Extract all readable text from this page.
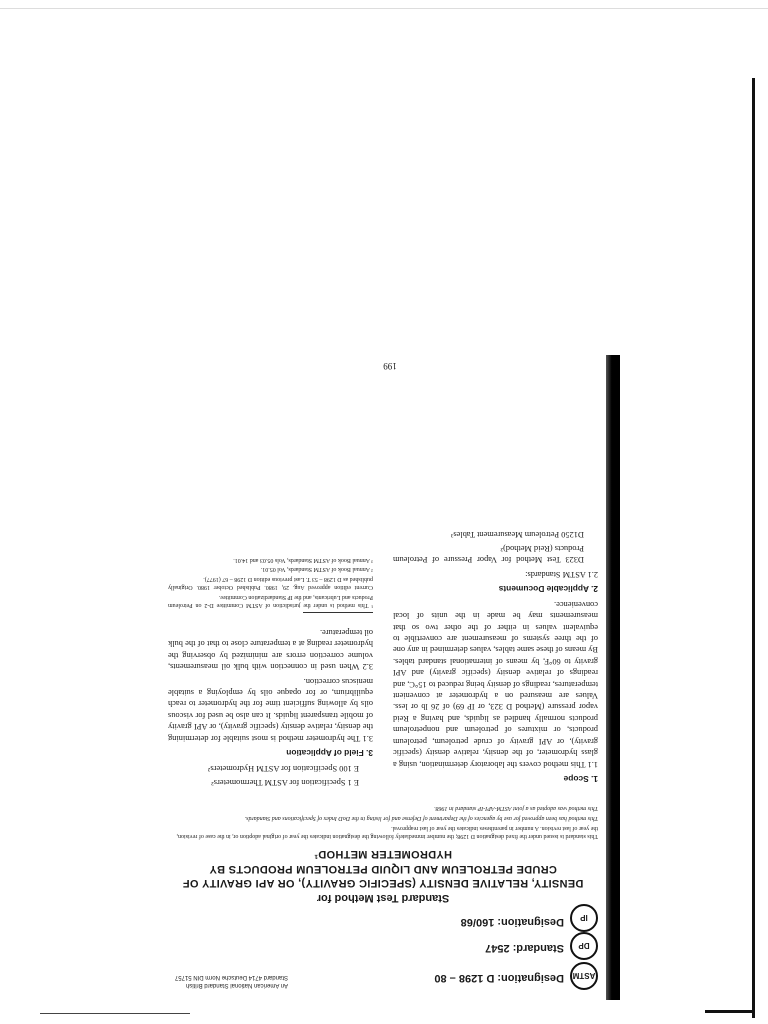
ASTM
Designation: D 1298 – 80
DP
Standard: 2547
IP
Designation: 160/68
An American National Standard British Standard 4714 Deutsche Norm DIN 51757
Standard Test Method for
DENSITY, RELATIVE DENSITY (SPECIFIC GRAVITY), OR API GRAVITY OF CRUDE PETROLEUM AND LIQUID PETROLEUM PRODUCTS BY HYDROMETER METHOD¹

This standard is issued under the fixed designation D 1298; the number immediately following the designation indicates the year of original adoption or, in the case of revision, the year of last revision. A number in parentheses indicates the year of last reapproval.

This method has been approved for use by agencies of the Department of Defense and for listing in the DoD Index of Specifications and Standards.

This method was adopted as a joint ASTM-API-IP standard in 1968.

1. Scope

1.1 This method covers the laboratory determination, using a glass hydrometer, of the density, relative density (specific gravity), or API gravity of crude petroleum, petroleum products, or mixtures of petroleum and nonpetroleum products normally handled as liquids, and having a Reid vapor pressure (Method D 323, or IP 69) of 26 lb or less. Values are measured on a hydrometer at convenient temperatures, readings of density being reduced to 15°C, and readings of relative density (specific gravity) and API gravity to 60°F, by means of international standard tables. By means of these same tables, values determined in any one of the three systems of measurement are convertible to equivalent values in either of the other two so that measurements may be made in the units of local convenience.

2. Applicable Documents

2.1 ASTM Standards:

D323 Test Method for Vapor Pressure of Petroleum Products (Reid Method)²

D1250 Petroleum Measurement Tables³

E 1 Specification for ASTM Thermometers²

E 100 Specification for ASTM Hydrometers²

3. Field of Application

3.1 The hydrometer method is most suitable for determining the density, relative density (specific gravity), or API gravity of mobile transparent liquids. It can also be used for viscous oils by allowing sufficient time for the hydrometer to reach equilibrium, or for opaque oils by employing a suitable meniscus correction.

3.2 When used in connection with bulk oil measurements, volume correction errors are minimized by observing the hydrometer reading at a temperature close to that of the bulk oil temperature.

¹ This method is under the jurisdiction of ASTM Committee D-2 on Petroleum Products and Lubricants, and the IP Standardization Committee.
Current edition approved Aug. 29, 1980. Published October 1980. Originally published as D 1298 – 53 T. Last previous edition D 1298 – 67 (1977).
² Annual Book of ASTM Standards, Vol 05.01.
³ Annual Book of ASTM Standards, Vols 05.03 and 14.01.
199
